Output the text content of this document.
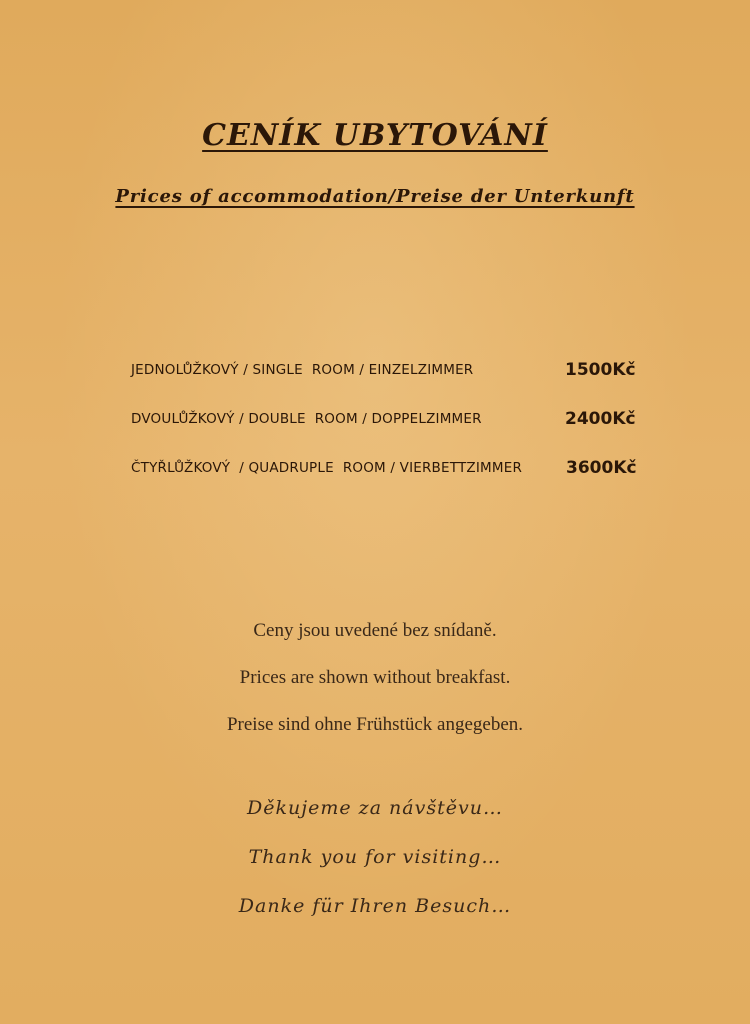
CENÍK UBYTOVÁNÍ
Prices of accommodation/Preise der Unterkunft
JEDNOLŮŽKOVÝ / SINGLE  ROOM / EINZELZIMMER	1500Kč
DVOULŮŽKOVÝ / DOUBLE  ROOM / DOPPELZIMMER	2400Kč
ČTYŘLŮŽKOVÝ  / QUADRUPLE  ROOM / VIERBETTZIMMER	3600Kč

Ceny jsou uvedené bez snídaně.

Prices are shown without breakfast.

Preise sind ohne Frühstück angegeben.

Děkujeme za návštěvu…

Thank you for visiting…

Danke für Ihren Besuch…
